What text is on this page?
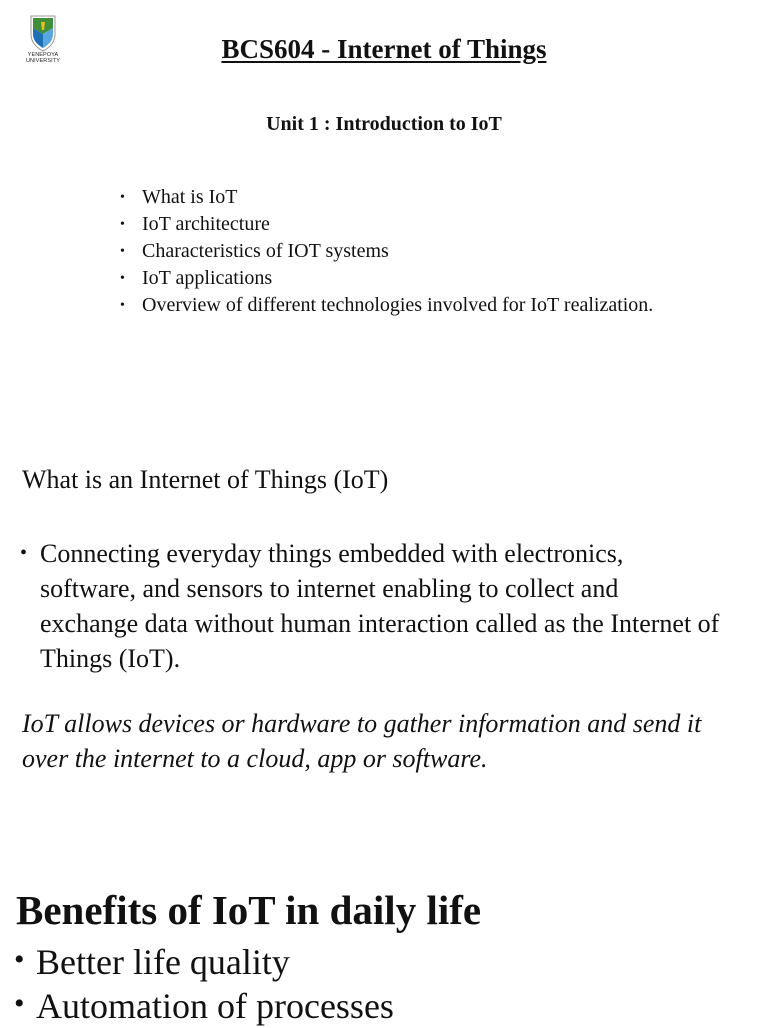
YENEPOYA
UNIVERSITY	BCS604 - Internet of Things
Unit 1 : Introduction to IoT
• What is IoT
• IoT architecture
• Characteristics of IOT systems
• IoT applications
• Overview of different technologies involved for IoT realization.
What is an Internet of Things (IoT)
• Connecting everyday things embedded with electronics, software, and sensors to internet enabling to collect and exchange data without human interaction called as the Internet of Things (IoT).

IoT allows devices or hardware to gather information and send it over the internet to a cloud, app or software.

Benefits of IoT in daily life
• Better life quality
• Automation of processes
